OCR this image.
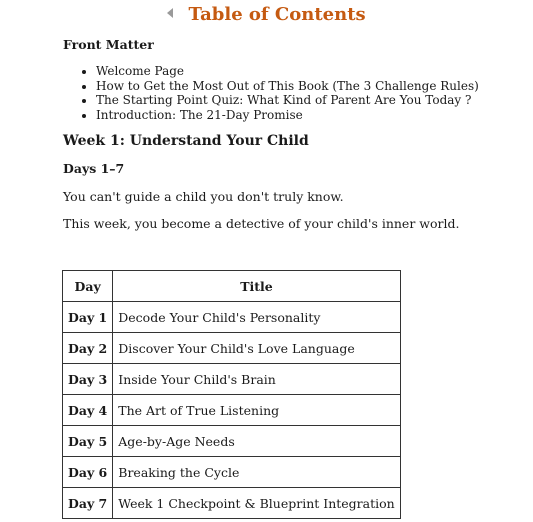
Table of Contents
Front Matter
• Welcome Page
• How to Get the Most Out of This Book (The 3 Challenge Rules)
• The Starting Point Quiz: What Kind of Parent Are You Today ?
• Introduction: The 21-Day Promise
Week 1: Understand Your Child
Days 1–7
You can't guide a child you don't truly know.
This week, you become a detective of your child's inner world.
Day	Title
Day 1	Decode Your Child's Personality
Day 2	Discover Your Child's Love Language
Day 3	Inside Your Child's Brain
Day 4	The Art of True Listening
Day 5	Age-by-Age Needs
Day 6	Breaking the Cycle
Day 7	Week 1 Checkpoint & Blueprint Integration
